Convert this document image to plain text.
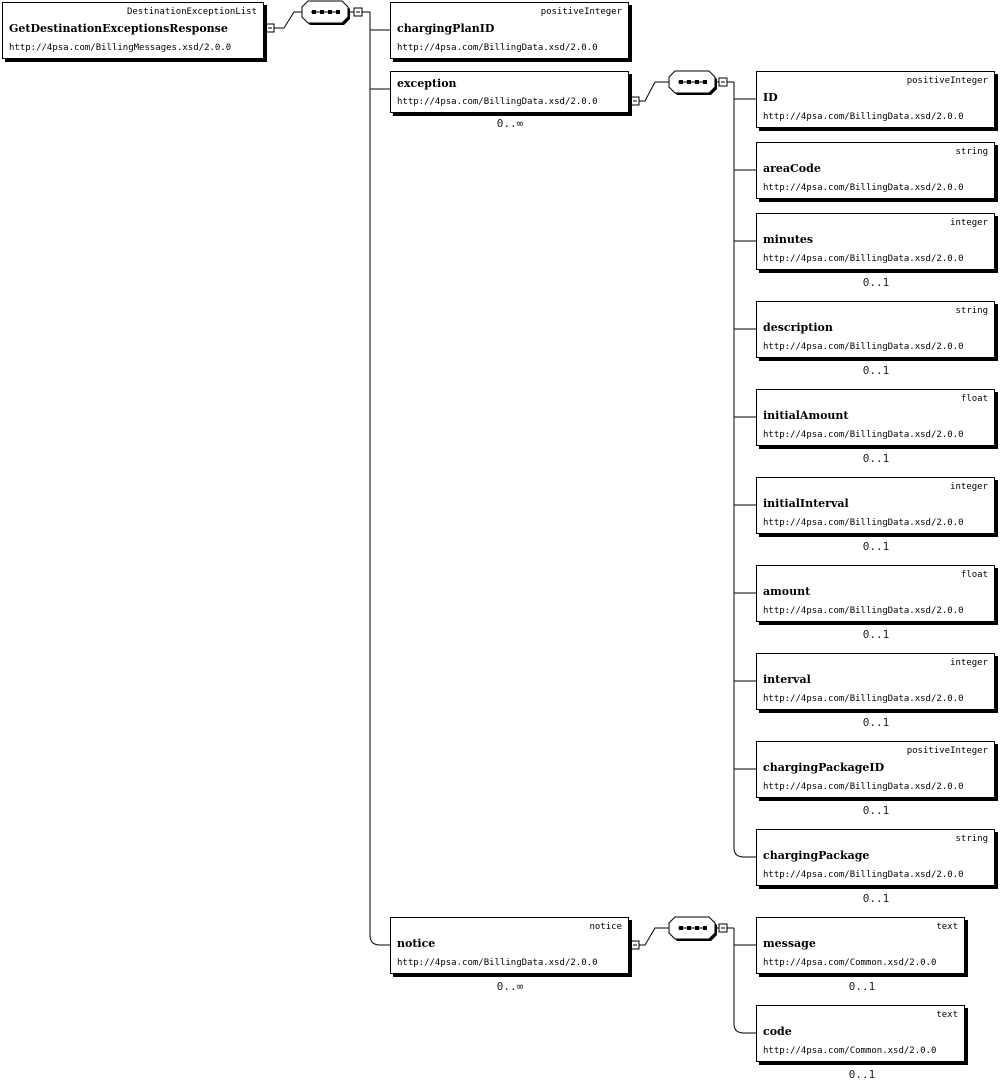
DestinationExceptionList
GetDestinationExceptionsResponse
http://4psa.com/BillingMessages.xsd/2.0.0
positiveInteger
chargingPlanID
http://4psa.com/BillingData.xsd/2.0.0
exception
http://4psa.com/BillingData.xsd/2.0.0
0..∞
notice
notice
http://4psa.com/BillingData.xsd/2.0.0
0..∞
positiveInteger
ID
http://4psa.com/BillingData.xsd/2.0.0
string
areaCode
http://4psa.com/BillingData.xsd/2.0.0
integer
minutes
http://4psa.com/BillingData.xsd/2.0.0
0..1
string
description
http://4psa.com/BillingData.xsd/2.0.0
0..1
float
initialAmount
http://4psa.com/BillingData.xsd/2.0.0
0..1
integer
initialInterval
http://4psa.com/BillingData.xsd/2.0.0
0..1
float
amount
http://4psa.com/BillingData.xsd/2.0.0
0..1
integer
interval
http://4psa.com/BillingData.xsd/2.0.0
0..1
positiveInteger
chargingPackageID
http://4psa.com/BillingData.xsd/2.0.0
0..1
string
chargingPackage
http://4psa.com/BillingData.xsd/2.0.0
0..1
text
message
http://4psa.com/Common.xsd/2.0.0
0..1
text
code
http://4psa.com/Common.xsd/2.0.0
0..1
